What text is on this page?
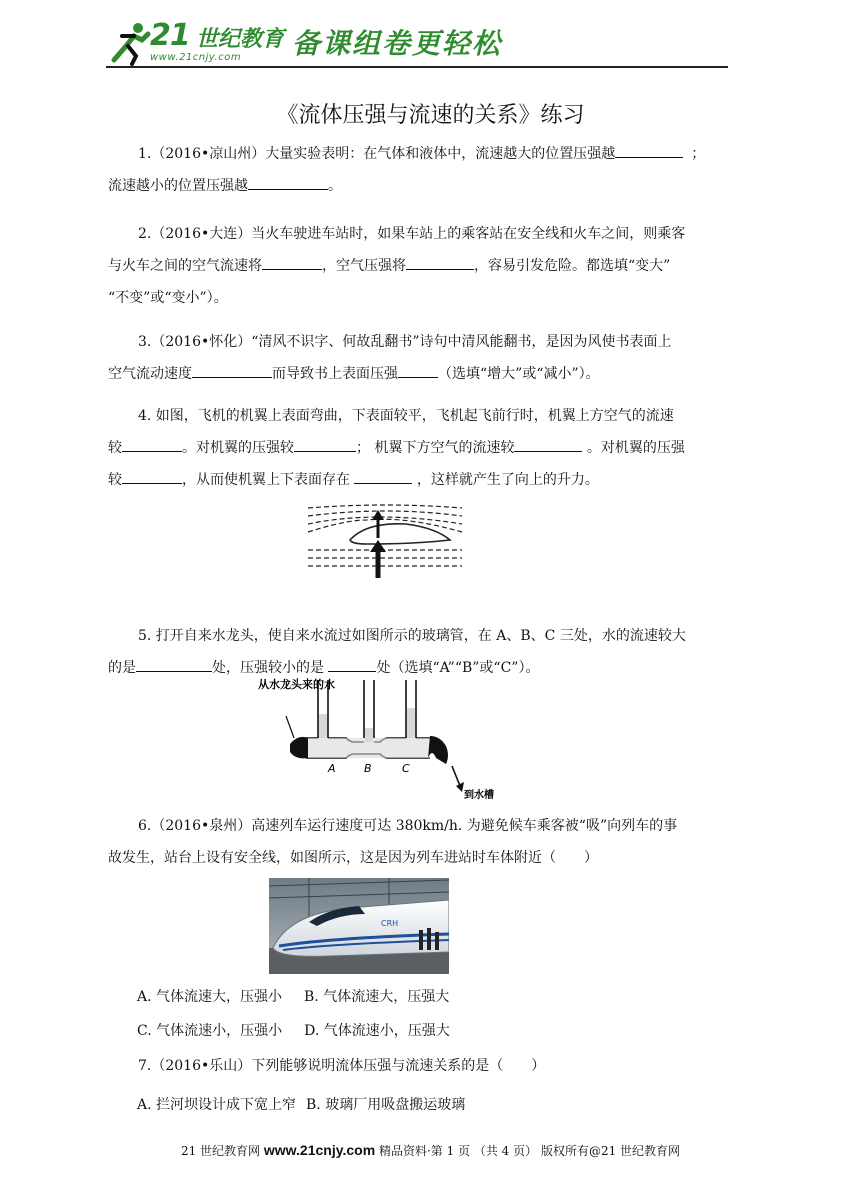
21 世纪教育
www.21cnjy.com 备课组卷更轻松
《流体压强与流速的关系》练习

1.（2016•凉山州）大量实验表明：在气体和液体中，流速越大的位置压强越	；

流速越小的位置压强越	。

2.（2016•大连）当火车驶进车站时，如果车站上的乘客站在安全线和火车之间，则乘客

与火车之间的空气流速将	，空气压强将	，容易引发危险。都选填“变大”

“不变”或“变小”）。

3.（2016•怀化）“清风不识字、何故乱翻书”诗句中清风能翻书，是因为风使书表面上

空气流动速度	而导致书上表面压强	（选填“增大”或“减小”）。

4. 如图，飞机的机翼上表面弯曲，下表面较平，飞机起飞前行时，机翼上方空气的流速

较	。对机翼的压强较	； 机翼下方空气的流速较	。对机翼的压强

较	，从而使机翼上下表面存在	，这样就产生了向上的升力。

5. 打开自来水龙头，使自来水流过如图所示的玻璃管，在 A、B、C 三处，水的流速较大

的是	处，压强较小的是	处（选填“A”“B”或“C”）。

从水龙头来的水
A	B	C
到水槽

6.（2016•泉州）高速列车运行速度可达 380km/h. 为避免候车乘客被“吸”向列车的事

故发生，站台上设有安全线，如图所示，这是因为列车进站时车体附近（　　）

CRH
A. 气体流速大，压强小 B. 气体流速大，压强大
C. 气体流速小，压强小 D. 气体流速小，压强大

7.（2016•乐山）下列能够说明流体压强与流速关系的是（　　）

A. 拦河坝设计成下宽上窄 B. 玻璃厂用吸盘搬运玻璃
21 世纪教育网 www.21cnjy.com 精品资料·第 1 页 （共 4 页） 版权所有@21 世纪教育网
